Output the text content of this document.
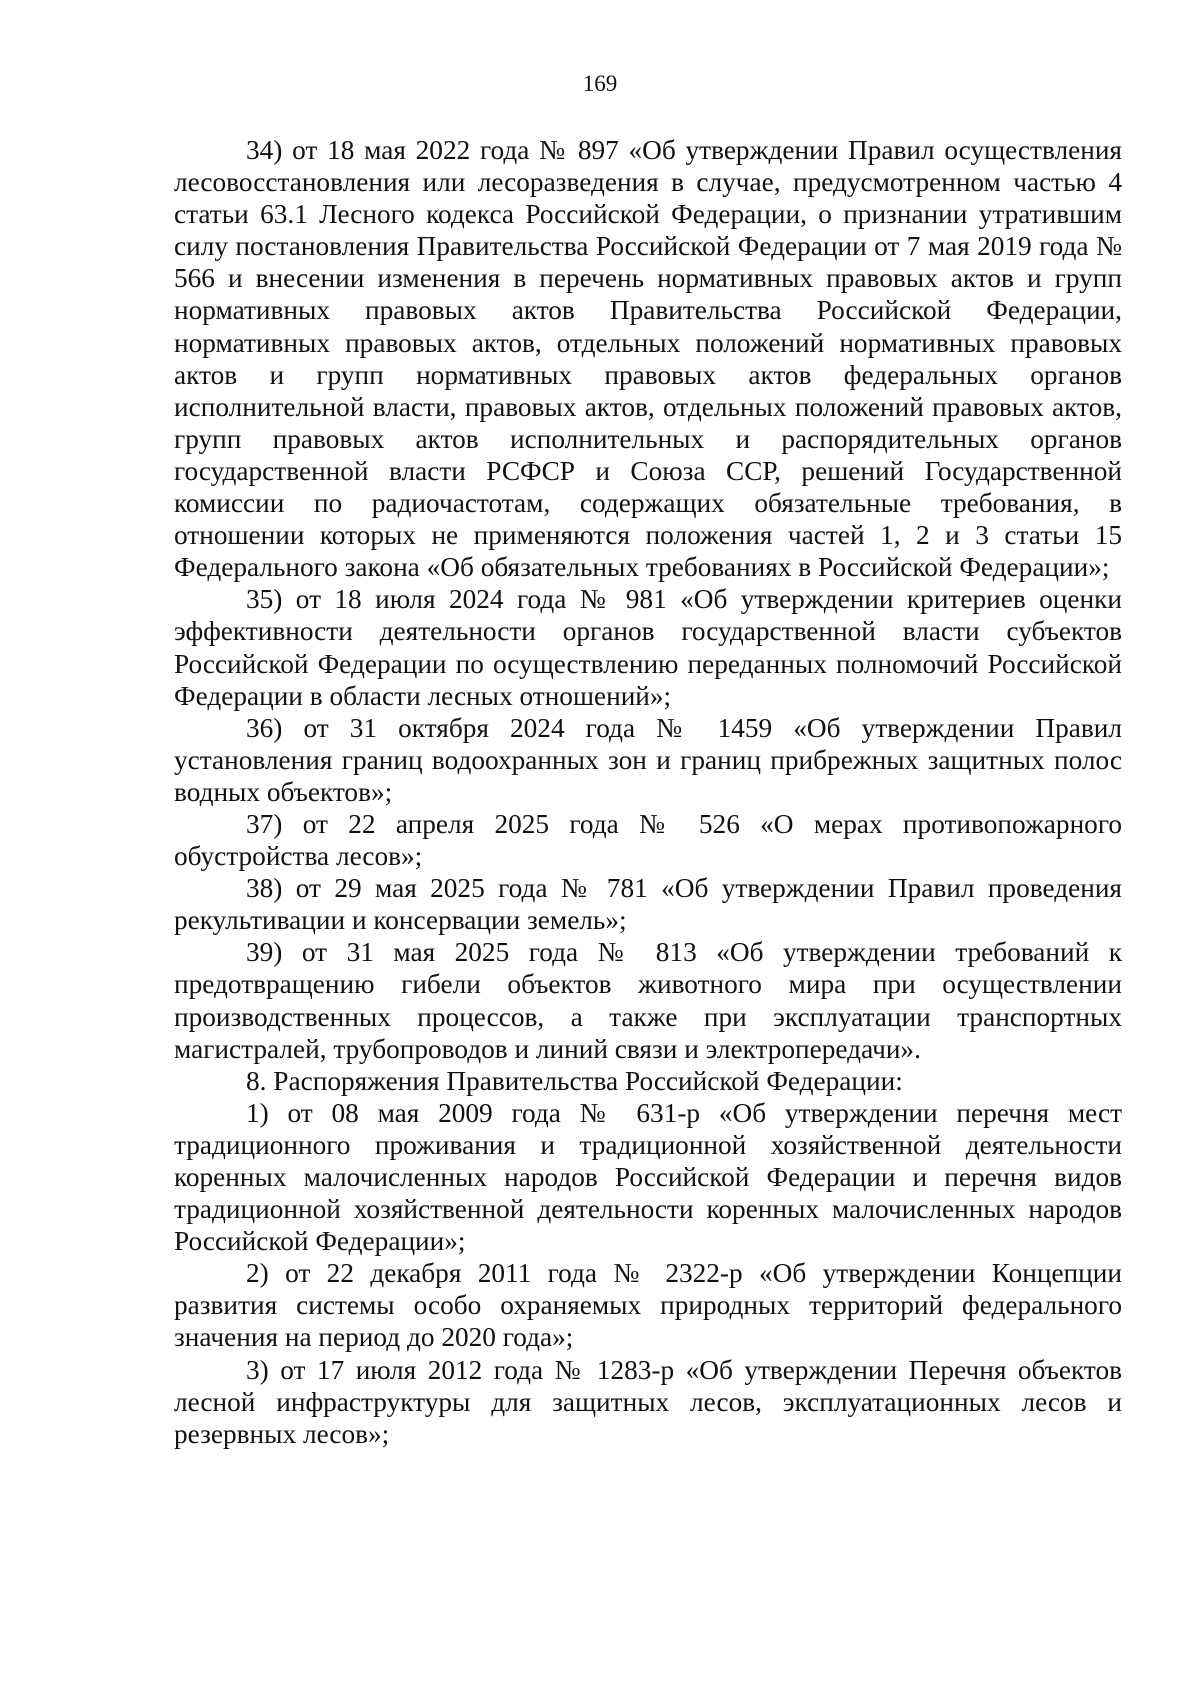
169

34) от 18 мая 2022 года № 897 «Об утверждении Правил осуществления лесовосстановления или лесоразведения в случае, предусмотренном частью 4 статьи 63.1 Лесного кодекса Российской Федерации, о признании утратившим силу постановления Правительства Российской Федерации от 7 мая 2019 года № 566 и внесении изменения в перечень нормативных правовых актов и групп нормативных правовых актов Правительства Российской Федерации, нормативных правовых актов, отдельных положений нормативных правовых актов и групп нормативных правовых актов федеральных органов исполнительной власти, правовых актов, отдельных положений правовых актов, групп правовых актов исполнительных и распорядительных органов государственной власти РСФСР и Союза ССР, решений Государственной комиссии по радиочастотам, содержащих обязательные требования, в отношении которых не применяются положения частей 1, 2 и 3 статьи 15 Федерального закона «Об обязательных требованиях в Российской Федерации»;

35) от 18 июля 2024 года № 981 «Об утверждении критериев оценки эффективности деятельности органов государственной власти субъектов Российской Федерации по осуществлению переданных полномочий Российской Федерации в области лесных отношений»;

36) от 31 октября 2024 года № 1459 «Об утверждении Правил установления границ водоохранных зон и границ прибрежных защитных полос водных объектов»;

37) от 22 апреля 2025 года № 526 «О мерах противопожарного обустройства лесов»;

38) от 29 мая 2025 года № 781 «Об утверждении Правил проведения рекультивации и консервации земель»;

39) от 31 мая 2025 года № 813 «Об утверждении требований к предотвращению гибели объектов животного мира при осуществлении производственных процессов, а также при эксплуатации транспортных магистралей, трубопроводов и линий связи и электропередачи».

8. Распоряжения Правительства Российской Федерации:

1) от 08 мая 2009 года № 631-р «Об утверждении перечня мест традиционного проживания и традиционной хозяйственной деятельности коренных малочисленных народов Российской Федерации и перечня видов традиционной хозяйственной деятельности коренных малочисленных народов Российской Федерации»;

2) от 22 декабря 2011 года № 2322-р «Об утверждении Концепции развития системы особо охраняемых природных территорий федерального значения на период до 2020 года»;

3) от 17 июля 2012 года № 1283-р «Об утверждении Перечня объектов лесной инфраструктуры для защитных лесов, эксплуатационных лесов и резервных лесов»;
